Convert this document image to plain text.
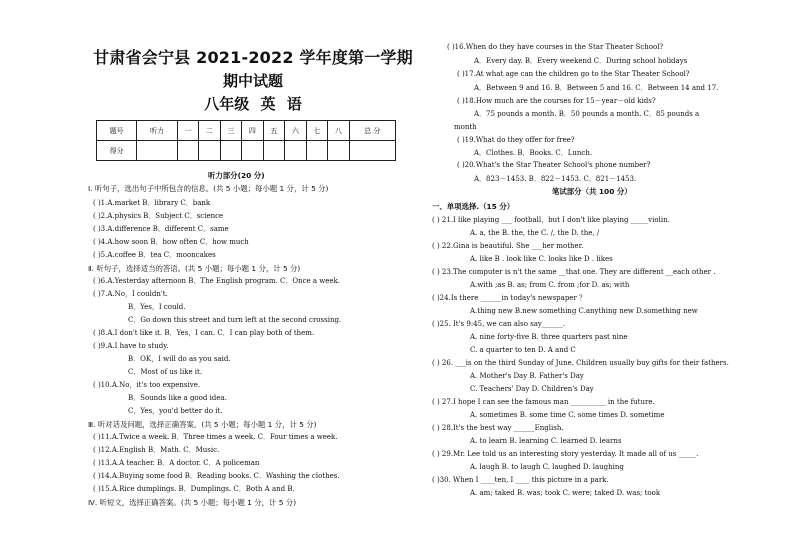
甘肃省会宁县 2021-2022 学年度第一学期
期中试题
八年级 英 语
题号	听力	一	二	三	四	五	六	七	八	总 分
得分										
听力部分(20 分)
Ⅰ. 听句子，选出句子中所包含的信息。(共 5 小题；每小题 1 分，计 5 分)
( )1.A.market B．library C．bank
( )2.A.physics B．Subject C．science
( )3.A.difference B．different C．same
( )4.A.how soon B．how often C．how much
( )5.A.coffee B．tea C．mooncakes
Ⅱ. 听句子，选择适当的答语。(共 5 小题；每小题 1 分，计 5 分)
( )6.A.Yesterday afternoon B．The English program. C．Once a week.
( )7.A.No，I couldn't.
B．Yes，I could.
C．Go down this street and turn left at the second crossing.
( )8.A.I don't like it. B．Yes，I can. C．I can play both of them.
( )9.A.I have to study.
B．OK，I will do as you said.
C．Most of us like it.
( )10.A.No，it's too expensive.
B．Sounds like a good idea.
C．Yes，you'd better do it.
Ⅲ. 听对话及问题，选择正确答案。(共 5 小题；每小题 1 分，计 5 分)
( )11.A.Twice a week. B．Three times a week. C．Four times a week.
( )12.A.English B．Math. C．Music.
( )13.A.A teacher. B．A doctor. C．A policeman
( )14.A.Buying some food B．Reading books. C．Washing the clothes.
( )15.A.Rice dumplings. B．Dumplings. C．Both A and B.
Ⅳ. 听短文，选择正确答案。(共 5 小题；每小题 1 分，计 5 分)
( )16.When do they have courses in the Star Theater School?
A．Every day. B．Every weekend C．During school holidays
( )17.At what age can the children go to the Star Theater School?
A．Between 9 and 16. B．Between 5 and 16. C．Between 14 and 17.
( )18.How much are the courses for 15－year－old kids?
A．75 pounds a month. B．50 pounds a month. C．85 pounds a
month
( )19.What do they offer for free?
A．Clothes. B．Books. C．Lunch.
( )20.What's the Star Theater School's phone number?
A．823－1453. B．822－1453. C．821－1453.
笔试部分（共 100 分）
一、单项选择.（15 分）
( ) 21.I like playing ___ football，but I don't like playing _____violin.
A. a, the B. the, the C. /, the D. the, /
( ) 22.Gina is beautiful. She ___her mother.
A. like B . look like C. looks like D . likes
( ) 23.The computer is n't the same __that one. They are different __each other .
A.with ;as B. as; from C. from ;for D. as; with
( )24.Is there ______in today's newspaper ？
A.thing new B.new something C.anything new D.something new
( )25. It's 9:45, we can also say______.
A. nine forty-five B. three quarters past nine
C. a quarter to ten D. A and C
( ) 26. ___is on the third Sunday of June. Children usually buy gifts for their fathers.
A. Mother's Day B. Father's Day
C. Teachers' Day D. Children's Day
( ) 27.I hope I can see the famous man __________ in the future.
A. sometimes B. some time C. some times D. sometime
( ) 28.It's the best way ______English.
A. to learn B. learning C. learned D. learns
( ) 29.Mr. Lee told us an interesting story yesterday. It made all of us _____.
A. laugh B. to laugh C. laughed D. laughing
( )30. When I ____ten, I ____ this picture in a park.
A. am; taked B. was; took C. were; taked D. was; took
